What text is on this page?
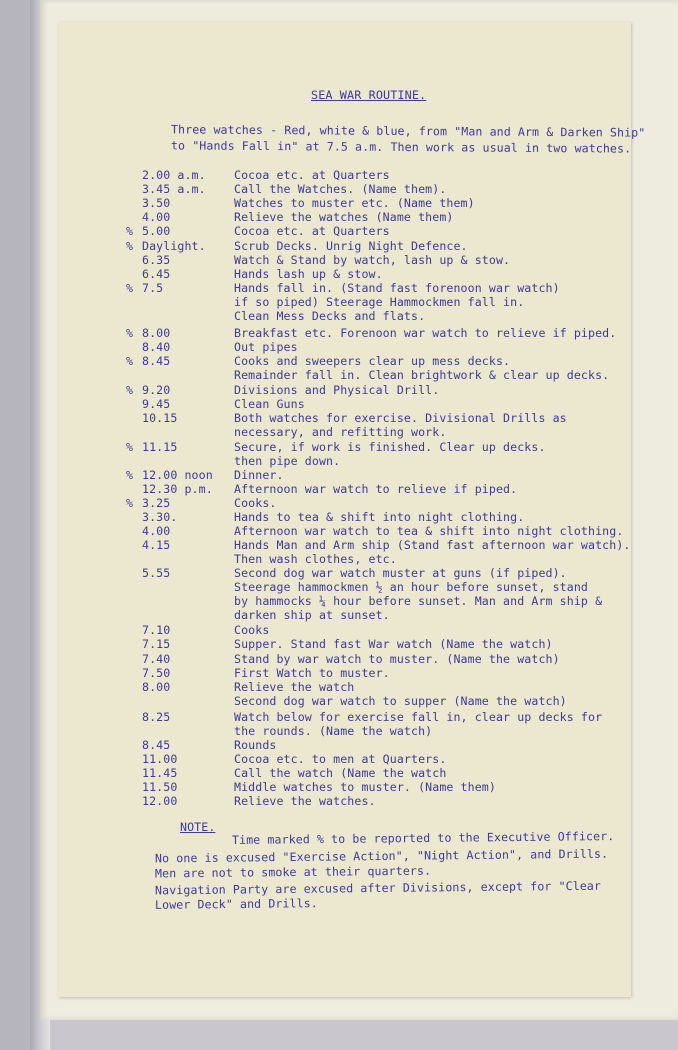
SEA WAR ROUTINE.
Three watches - Red, white & blue, from "Man and Arm & Darken Ship"
to "Hands Fall in" at 7.5 a.m. Then work as usual in two watches.
2.00 a.m. Cocoa etc. at Quarters
3.45 a.m. Call the Watches. (Name them).
3.50	Watches to muster etc. (Name them)
4.00	Relieve the watches (Name them)
% 5.00	Cocoa etc. at Quarters
% Daylight. Scrub Decks. Unrig Night Defence.
6.35	Watch & Stand by watch, lash up & stow.
6.45	Hands lash up & stow.
% 7.5	Hands fall in. (Stand fast forenoon war watch)
if so piped) Steerage Hammockmen fall in.
Clean Mess Decks and flats.
% 8.00	Breakfast etc. Forenoon war watch to relieve if piped.
8.40	Out pipes
% 8.45	Cooks and sweepers clear up mess decks.
Remainder fall in. Clean brightwork & clear up decks.
% 9.20	Divisions and Physical Drill.
9.45	Clean Guns
10.15	Both watches for exercise. Divisional Drills as
necessary, and refitting work.
% 11.15	Secure, if work is finished. Clear up decks.
then pipe down.
% 12.00 noon Dinner.
12.30 p.m. Afternoon war watch to relieve if piped.
% 3.25	Cooks.
3.30.	Hands to tea & shift into night clothing.
4.00	Afternoon war watch to tea & shift into night clothing.
4.15	Hands Man and Arm ship (Stand fast afternoon war watch).
Then wash clothes, etc.
5.55	Second dog war watch muster at guns (if piped).
Steerage hammockmen ½ an hour before sunset, stand
by hammocks ¼ hour before sunset. Man and Arm ship &
darken ship at sunset.
7.10	Cooks
7.15	Supper. Stand fast War watch (Name the watch)
7.40	Stand by war watch to muster. (Name the watch)
7.50	First Watch to muster.
8.00	Relieve the watch
Second dog war watch to supper (Name the watch)
8.25	Watch below for exercise fall in, clear up decks for
the rounds. (Name the watch)
8.45	Rounds
11.00	Cocoa etc. to men at Quarters.
11.45	Call the watch (Name the watch
11.50	Middle watches to muster. (Name them)
12.00	Relieve the watches.
NOTE.
Time marked % to be reported to the Executive Officer.
No one is excused "Exercise Action", "Night Action", and Drills.
Men are not to smoke at their quarters.
Navigation Party are excused after Divisions, except for "Clear
Lower Deck" and Drills.
